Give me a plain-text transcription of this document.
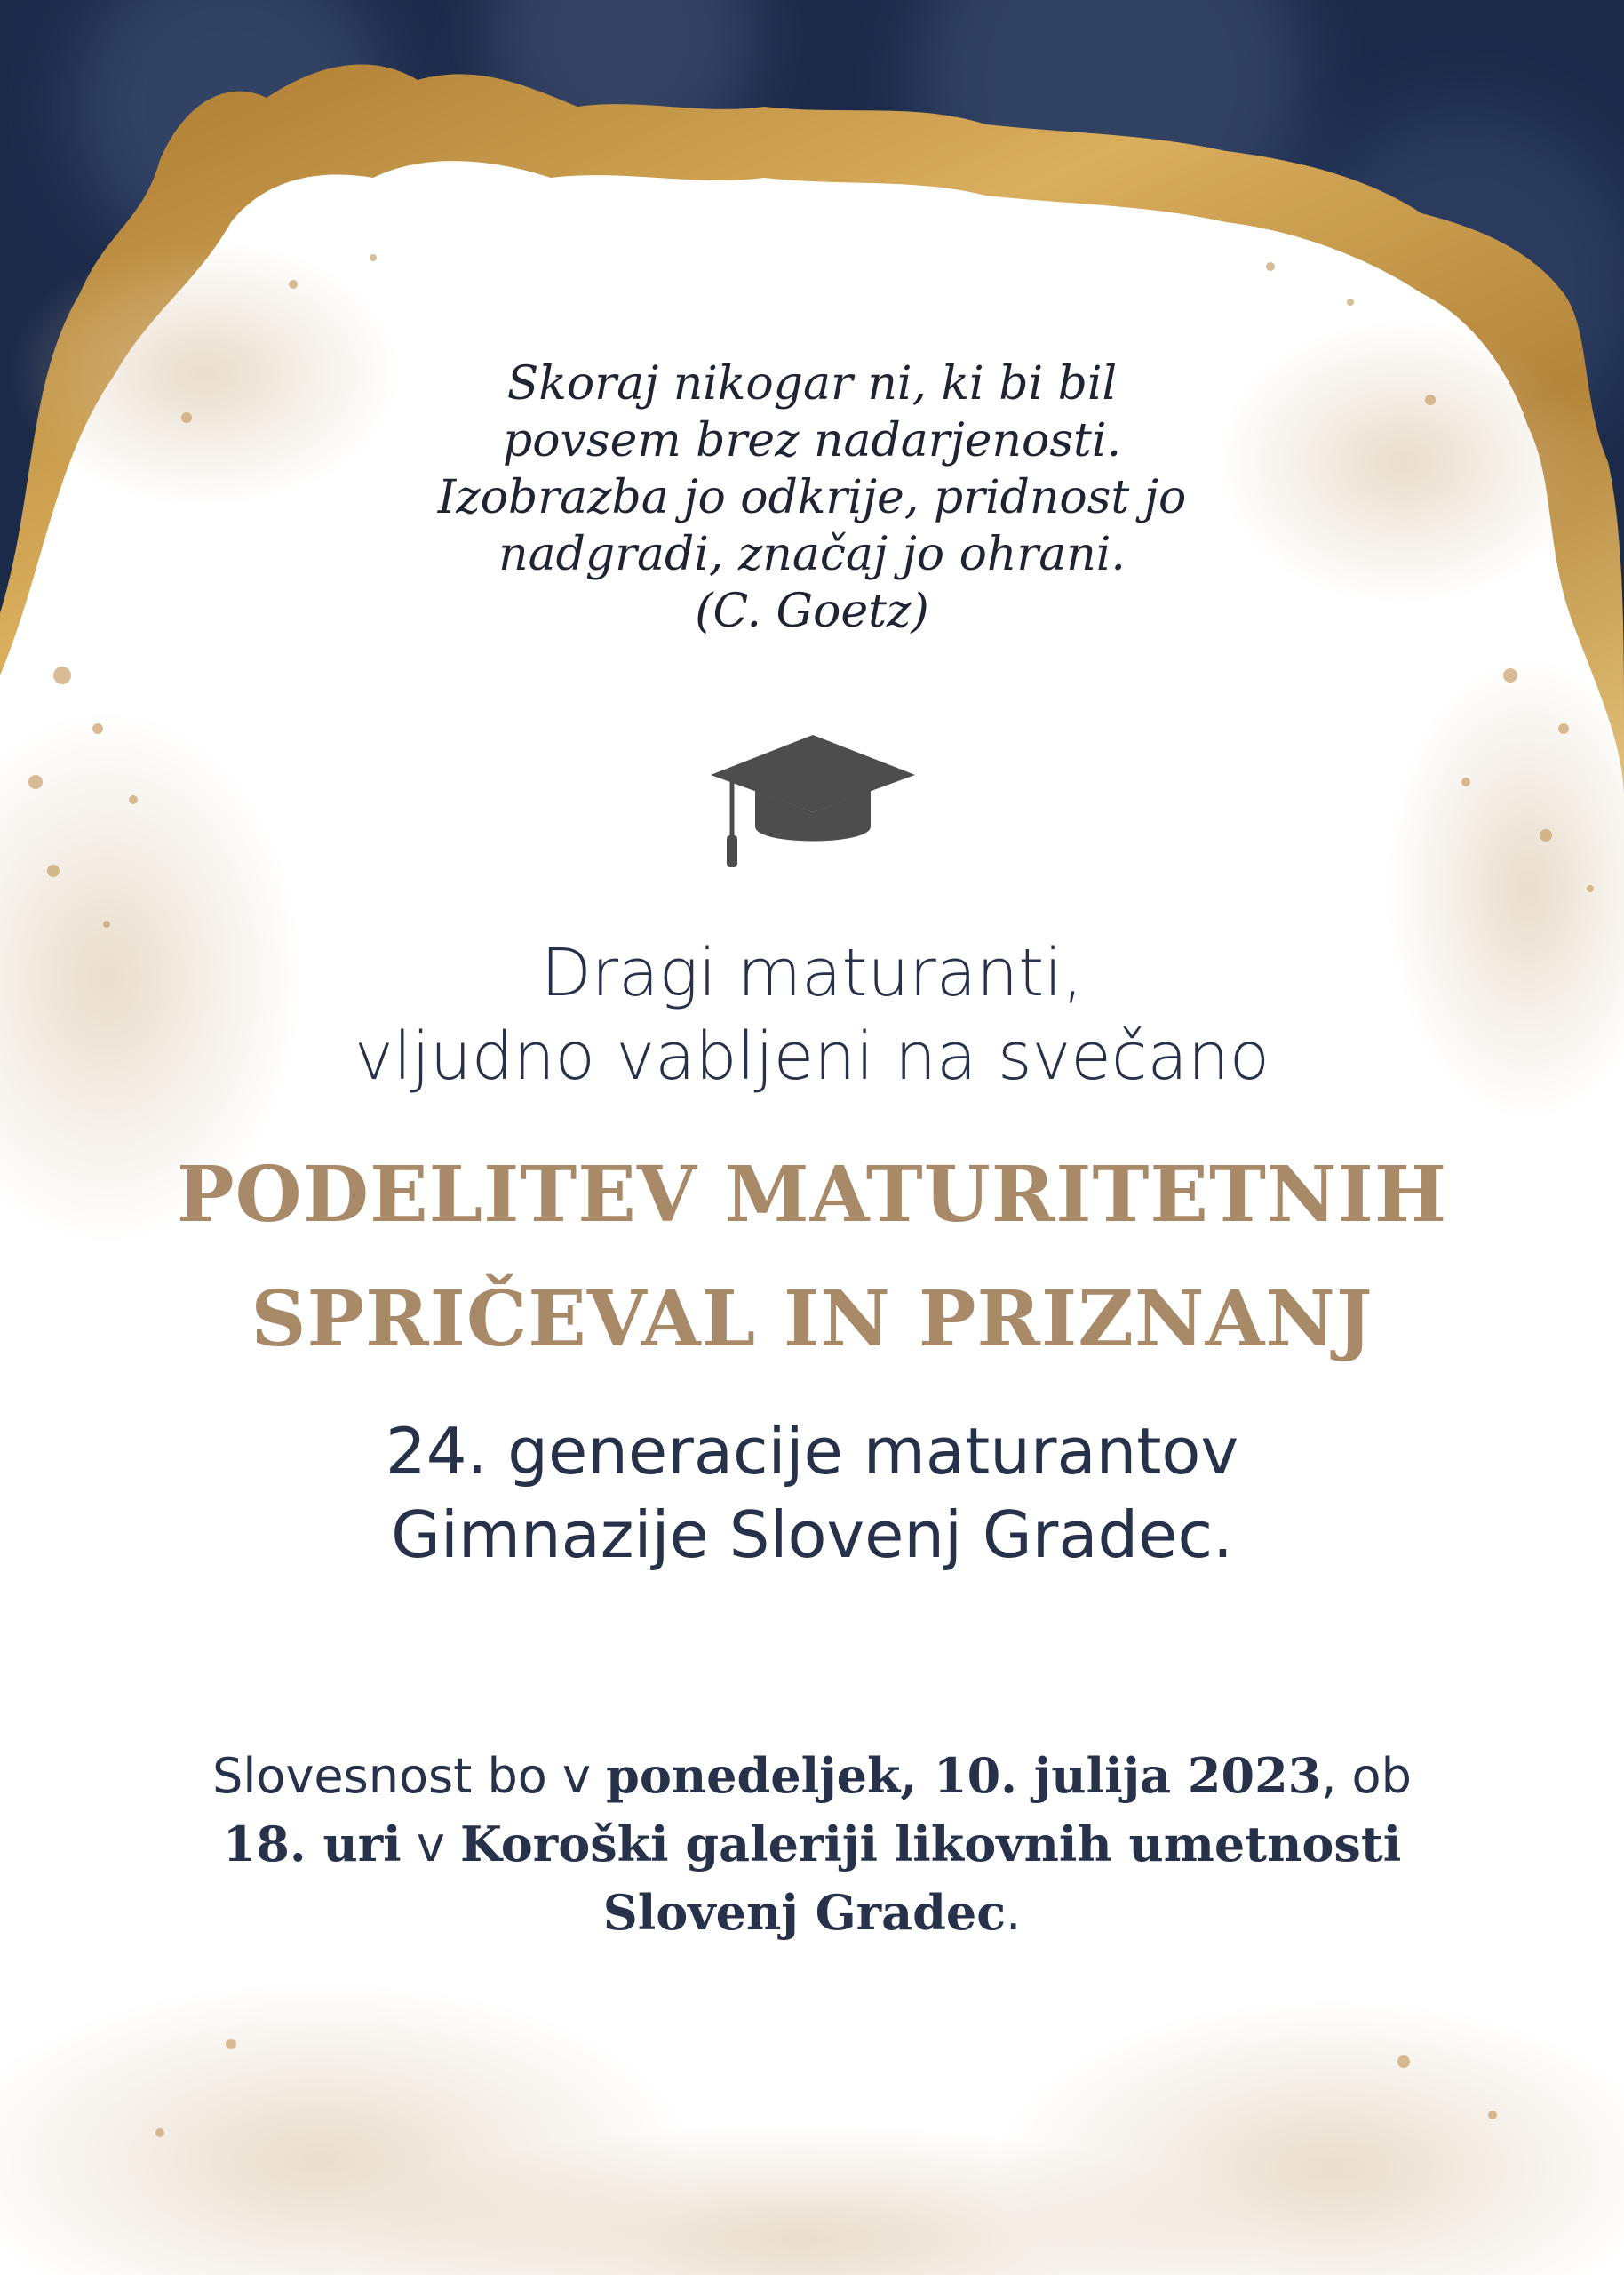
Skoraj nikogar ni, ki bi bil
povsem brez nadarjenosti.
Izobrazba jo odkrije, pridnost jo
nadgradi, značaj jo ohrani.
(C. Goetz)
Dragi maturanti,
vljudno vabljeni na svečano
PODELITEV MATURITETNIH
SPRIČEVAL IN PRIZNANJ
24. generacije maturantov
Gimnazije Slovenj Gradec.
Slovesnost bo v ponedeljek, 10. julija 2023, ob
18. uri v Koroški galeriji likovnih umetnosti
Slovenj Gradec.
